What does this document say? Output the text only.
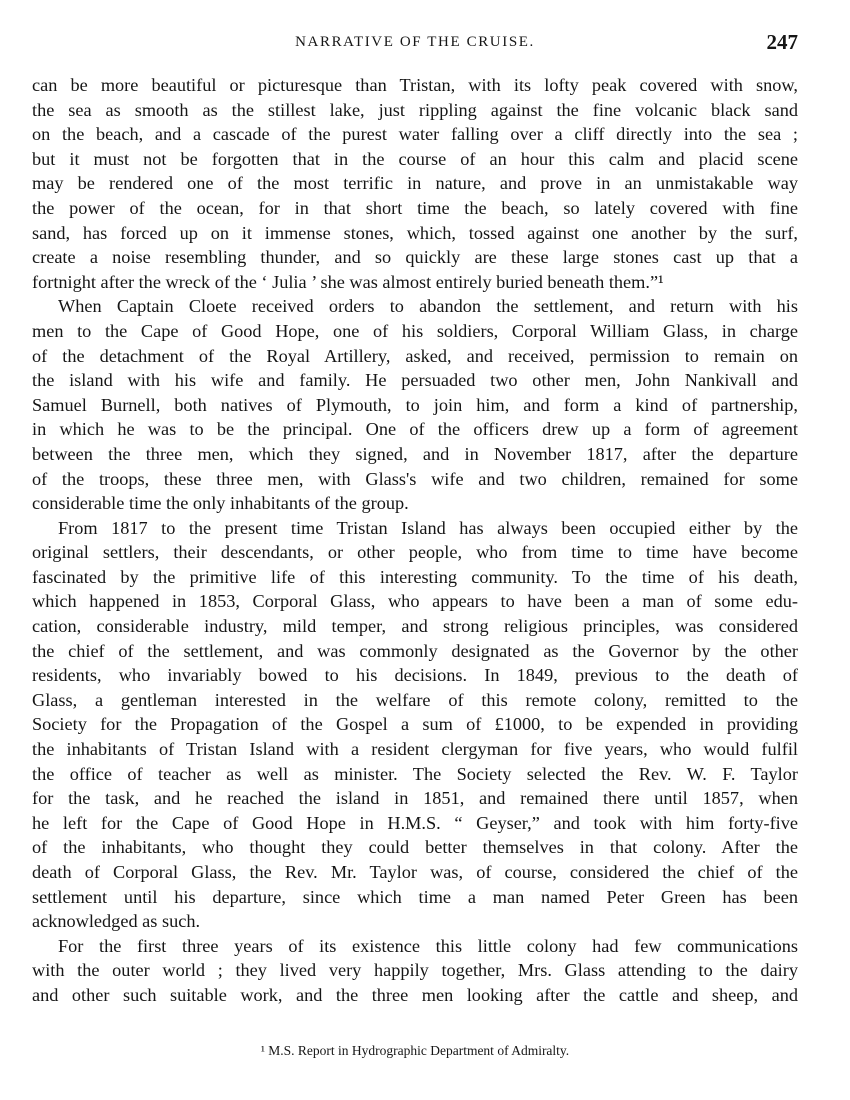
NARRATIVE OF THE CRUISE.	247
can be more beautiful or picturesque than Tristan, with its lofty peak covered with snow,
the sea as smooth as the stillest lake, just rippling against the fine volcanic black sand
on the beach, and a cascade of the purest water falling over a cliff directly into the sea ;
but it must not be forgotten that in the course of an hour this calm and placid scene
may be rendered one of the most terrific in nature, and prove in an unmistakable way
the power of the ocean, for in that short time the beach, so lately covered with fine
sand, has forced up on it immense stones, which, tossed against one another by the surf,
create a noise resembling thunder, and so quickly are these large stones cast up that a
fortnight after the wreck of the ‘ Julia ’ she was almost entirely buried beneath them.”¹
When Captain Cloete received orders to abandon the settlement, and return with his
men to the Cape of Good Hope, one of his soldiers, Corporal William Glass, in charge
of the detachment of the Royal Artillery, asked, and received, permission to remain on
the island with his wife and family. He persuaded two other men, John Nankivall and
Samuel Burnell, both natives of Plymouth, to join him, and form a kind of partnership,
in which he was to be the principal. One of the officers drew up a form of agreement
between the three men, which they signed, and in November 1817, after the departure
of the troops, these three men, with Glass's wife and two children, remained for some
considerable time the only inhabitants of the group.
From 1817 to the present time Tristan Island has always been occupied either by the
original settlers, their descendants, or other people, who from time to time have become
fascinated by the primitive life of this interesting community. To the time of his death,
which happened in 1853, Corporal Glass, who appears to have been a man of some edu-
cation, considerable industry, mild temper, and strong religious principles, was considered
the chief of the settlement, and was commonly designated as the Governor by the other
residents, who invariably bowed to his decisions. In 1849, previous to the death of
Glass, a gentleman interested in the welfare of this remote colony, remitted to the
Society for the Propagation of the Gospel a sum of £1000, to be expended in providing
the inhabitants of Tristan Island with a resident clergyman for five years, who would fulfil
the office of teacher as well as minister. The Society selected the Rev. W. F. Taylor
for the task, and he reached the island in 1851, and remained there until 1857, when
he left for the Cape of Good Hope in H.M.S. “ Geyser,” and took with him forty-five
of the inhabitants, who thought they could better themselves in that colony. After the
death of Corporal Glass, the Rev. Mr. Taylor was, of course, considered the chief of the
settlement until his departure, since which time a man named Peter Green has been
acknowledged as such.
For the first three years of its existence this little colony had few communications
with the outer world ; they lived very happily together, Mrs. Glass attending to the dairy
and other such suitable work, and the three men looking after the cattle and sheep, and
¹ M.S. Report in Hydrographic Department of Admiralty.
